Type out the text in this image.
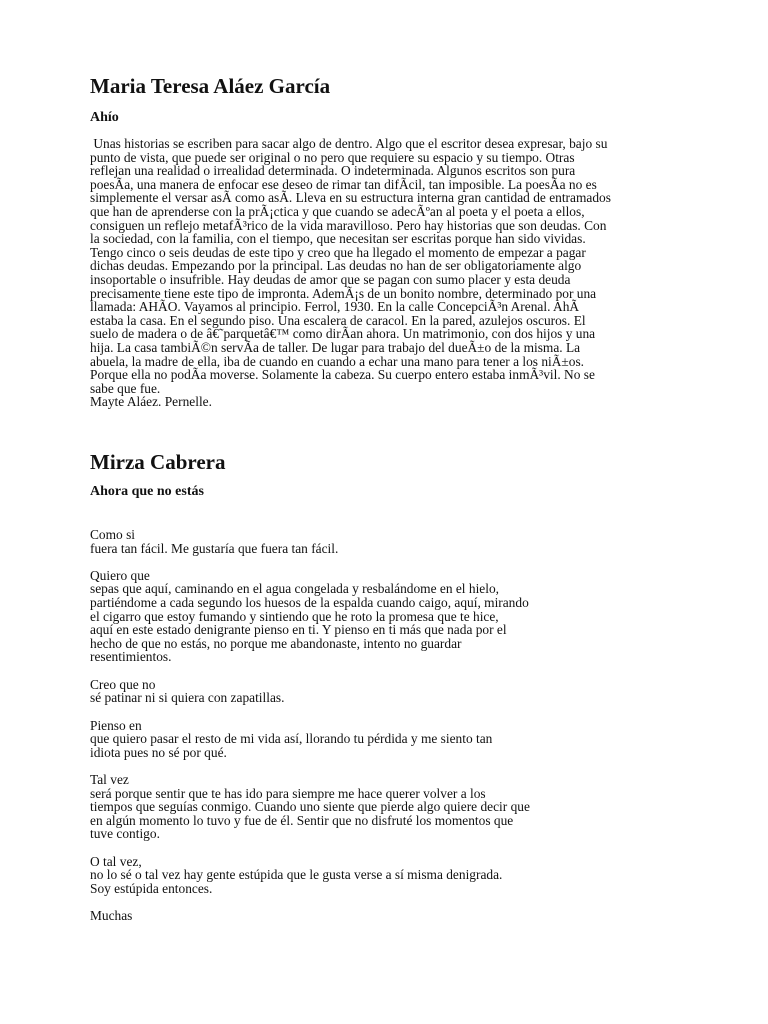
Maria Teresa Aláez García
Ahío
Unas historias se escriben para sacar algo de dentro. Algo que el escritor desea expresar, bajo su
punto de vista, que puede ser original o no pero que requiere su espacio y su tiempo. Otras
reflejan una realidad o irrealidad determinada. O indeterminada. Algunos escritos son pura
poesÃa, una manera de enfocar ese deseo de rimar tan difÃcil, tan imposible. La poesÃa no es
simplemente el versar asÃ como asÃ. Lleva en su estructura interna gran cantidad de entramados
que han de aprenderse con la prÃ¡ctica y que cuando se adecÃºan al poeta y el poeta a ellos,
consiguen un reflejo metafÃ³rico de la vida maravilloso. Pero hay historias que son deudas. Con
la sociedad, con la familia, con el tiempo, que necesitan ser escritas porque han sido vividas.
Tengo cinco o seis deudas de este tipo y creo que ha llegado el momento de empezar a pagar
dichas deudas. Empezando por la principal. Las deudas no han de ser obligatoriamente algo
insoportable o insufrible. Hay deudas de amor que se pagan con sumo placer y esta deuda
precisamente tiene este tipo de impronta. AdemÃ¡s de un bonito nombre, determinado por una
llamada: AHÃO. Vayamos al principio. Ferrol, 1930. En la calle ConcepciÃ³n Arenal. AhÃ
estaba la casa. En el segundo piso. Una escalera de caracol. En la pared, azulejos oscuros. El
suelo de madera o de â€˜parquetâ€™ como dirÃan ahora. Un matrimonio, con dos hijos y una
hija. La casa tambiÃ©n servÃa de taller. De lugar para trabajo del dueÃ±o de la misma. La
abuela, la madre de ella, iba de cuando en cuando a echar una mano para tener a los niÃ±os.
Porque ella no podÃa moverse. Solamente la cabeza. Su cuerpo entero estaba inmÃ³vil. No se
sabe que fue.
Mayte Aláez. Pernelle.
Mirza Cabrera
Ahora que no estás
Como si
fuera tan fácil. Me gustaría que fuera tan fácil.
Quiero que
sepas que aquí, caminando en el agua congelada y resbalándome en el hielo,
partiéndome a cada segundo los huesos de la espalda cuando caigo, aquí, mirando
el cigarro que estoy fumando y sintiendo que he roto la promesa que te hice,
aquí en este estado denigrante pienso en ti. Y pienso en ti más que nada por el
hecho de que no estás, no porque me abandonaste, intento no guardar
resentimientos.
Creo que no
sé patinar ni si quiera con zapatillas.
Pienso en
que quiero pasar el resto de mi vida así, llorando tu pérdida y me siento tan
idiota pues no sé por qué.
Tal vez
será porque sentir que te has ido para siempre me hace querer volver a los
tiempos que seguías conmigo. Cuando uno siente que pierde algo quiere decir que
en algún momento lo tuvo y fue de él. Sentir que no disfruté los momentos que
tuve contigo.
O tal vez,
no lo sé o tal vez hay gente estúpida que le gusta verse a sí misma denigrada.
Soy estúpida entonces.
Muchas
